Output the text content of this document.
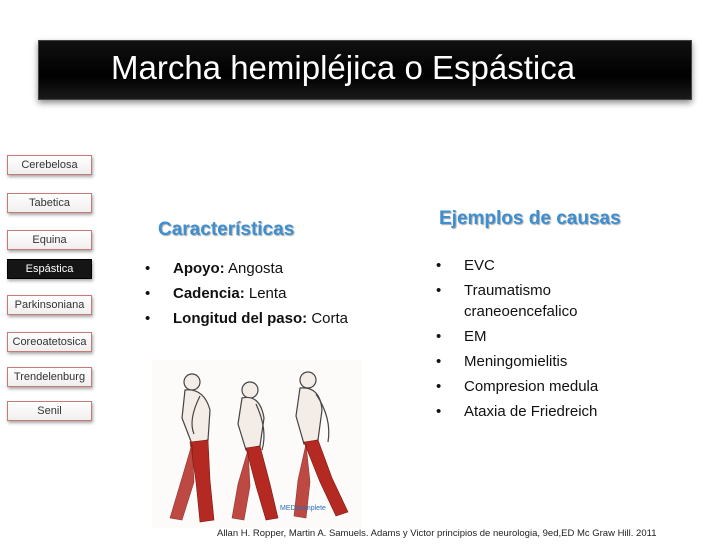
Marcha hemipléjica o Espástica
Cerebelosa
Tabetica
Equina
Espástica
Parkinsoniana
Coreoatetosica
Trendelenburg
Senil
Características
• Apoyo: Angosta
• Cadencia: Lenta
• Longitud del paso: Corta
Ejemplos de causas
• EVC
• Traumatismo craneoencefalico
• EM
• Meningomielitis
• Compresion medula
• Ataxia de Friedreich
MEDIcomplete
Allan H. Ropper, Martin A. Samuels. Adams y Victor principios de neurologia, 9ed,ED Mc Graw Hill. 2011
